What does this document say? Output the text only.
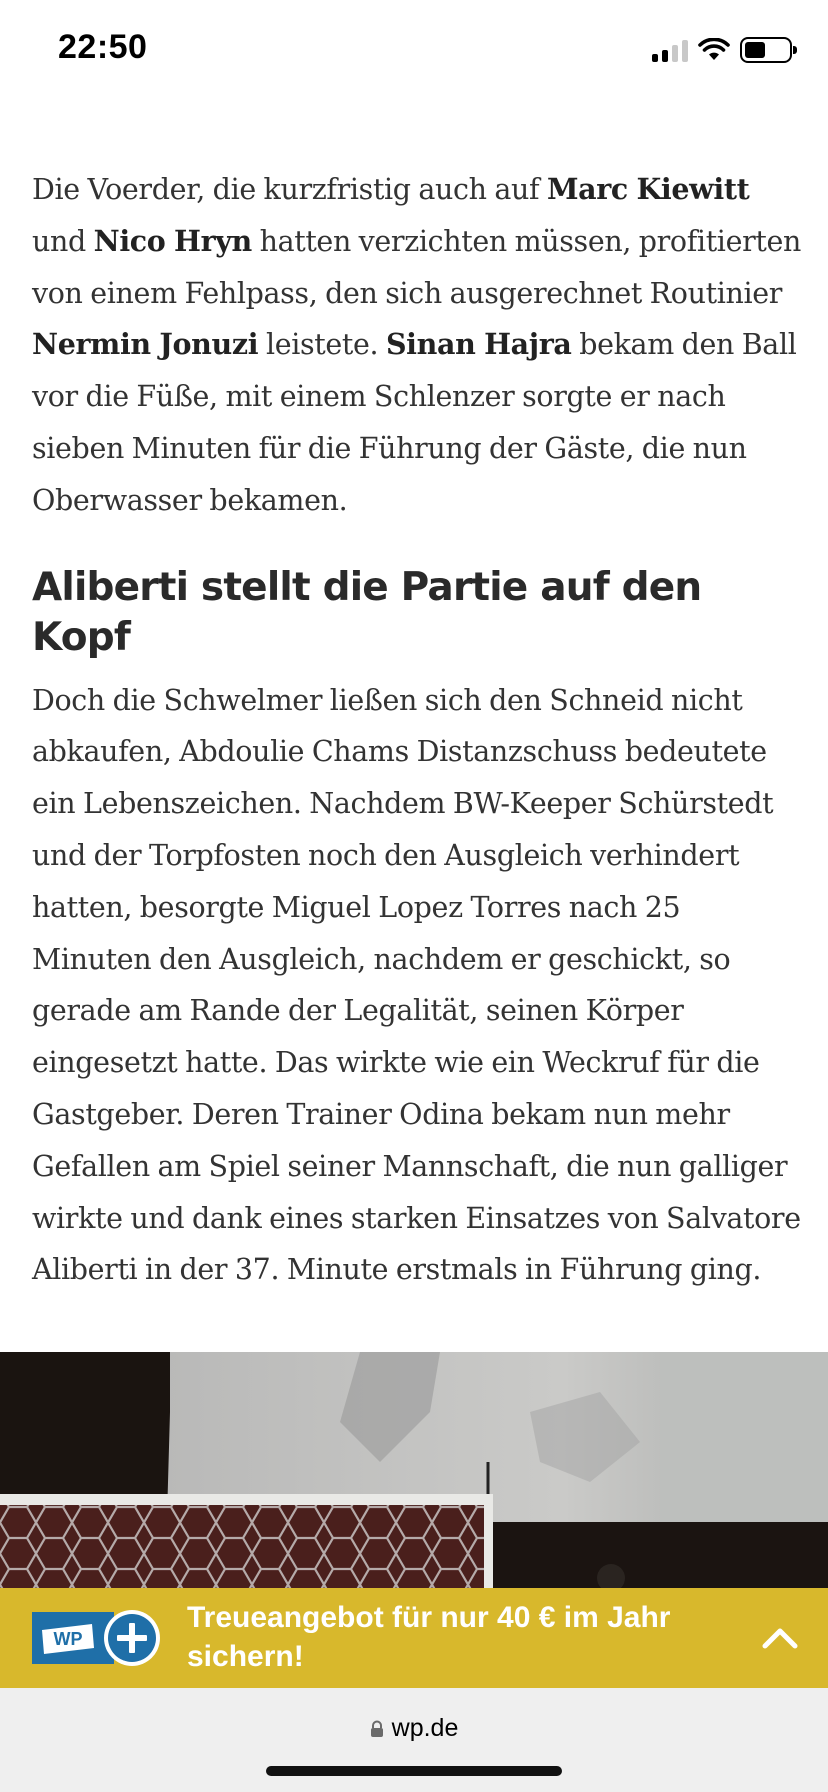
22:50

Die Voerder, die kurzfristig auch auf Marc Kiewitt und Nico Hryn hatten verzichten müssen, profitierten von einem Fehlpass, den sich ausgerechnet Routinier Nermin Jonuzi leistete. Sinan Hajra bekam den Ball vor die Füße, mit einem Schlenzer sorgte er nach sieben Minuten für die Führung der Gäste, die nun Oberwasser bekamen.

Aliberti stellt die Partie auf den Kopf

Doch die Schwelmer ließen sich den Schneid nicht abkaufen, Abdoulie Chams Distanzschuss bedeutete ein Lebenszeichen. Nachdem BW-Keeper Schürstedt und der Torpfosten noch den Ausgleich verhindert hatten, besorgte Miguel Lopez Torres nach 25 Minuten den Ausgleich, nachdem er geschickt, so gerade am Rande der Legalität, seinen Körper eingesetzt hatte. Das wirkte wie ein Weckruf für die Gastgeber. Deren Trainer Odina bekam nun mehr Gefallen am Spiel seiner Mannschaft, die nun galliger wirkte und dank eines starken Einsatzes von Salvatore Aliberti in der 37. Minute erstmals in Führung ging.

WP
Treueangebot für nur 40 € im Jahr sichern!
wp.de
